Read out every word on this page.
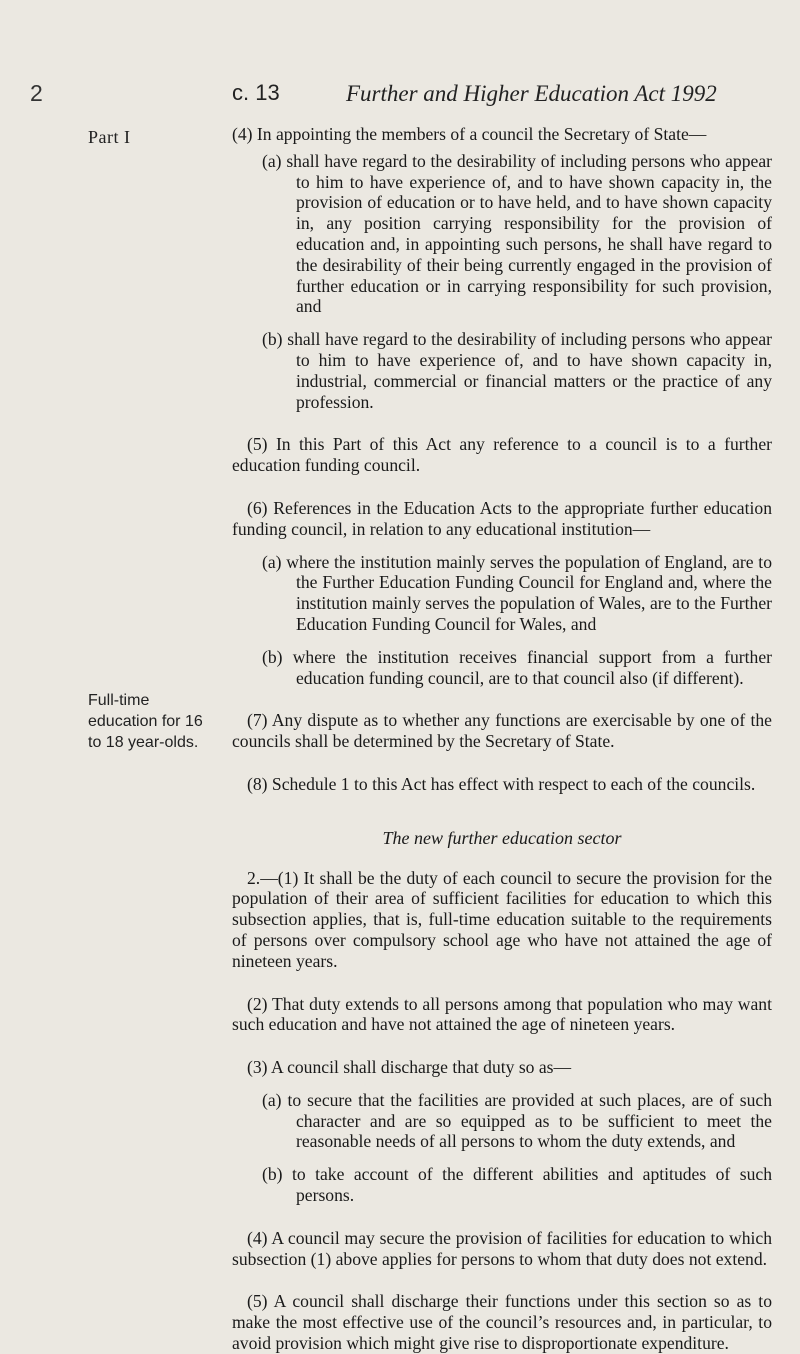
2	c. 13	Further and Higher Education Act 1992
Part I
Full-time education for 16 to 18 year-olds.

(4) In appointing the members of a council the Secretary of State—

(a) shall have regard to the desirability of including persons who appear to him to have experience of, and to have shown capacity in, the provision of education or to have held, and to have shown capacity in, any position carrying responsibility for the provision of education and, in appointing such persons, he shall have regard to the desirability of their being currently engaged in the provision of further education or in carrying responsibility for such provision, and

(b) shall have regard to the desirability of including persons who appear to him to have experience of, and to have shown capacity in, industrial, commercial or financial matters or the practice of any profession.

(5) In this Part of this Act any reference to a council is to a further education funding council.

(6) References in the Education Acts to the appropriate further education funding council, in relation to any educational institution—

(a) where the institution mainly serves the population of England, are to the Further Education Funding Council for England and, where the institution mainly serves the population of Wales, are to the Further Education Funding Council for Wales, and

(b) where the institution receives financial support from a further education funding council, are to that council also (if different).

(7) Any dispute as to whether any functions are exercisable by one of the councils shall be determined by the Secretary of State.

(8) Schedule 1 to this Act has effect with respect to each of the councils.

The new further education sector

2.—(1) It shall be the duty of each council to secure the provision for the population of their area of sufficient facilities for education to which this subsection applies, that is, full-time education suitable to the requirements of persons over compulsory school age who have not attained the age of nineteen years.

(2) That duty extends to all persons among that population who may want such education and have not attained the age of nineteen years.

(3) A council shall discharge that duty so as—

(a) to secure that the facilities are provided at such places, are of such character and are so equipped as to be sufficient to meet the reasonable needs of all persons to whom the duty extends, and

(b) to take account of the different abilities and aptitudes of such persons.

(4) A council may secure the provision of facilities for education to which subsection (1) above applies for persons to whom that duty does not extend.

(5) A council shall discharge their functions under this section so as to make the most effective use of the council’s resources and, in particular, to avoid provision which might give rise to disproportionate expenditure.
